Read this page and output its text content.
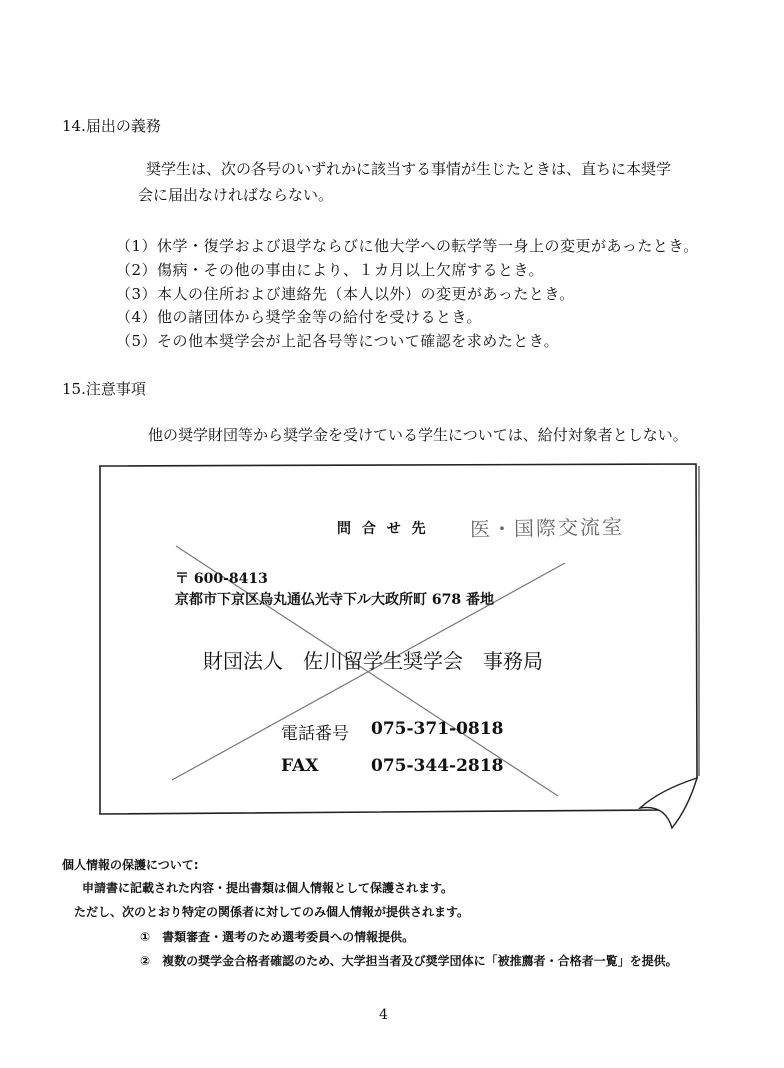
14.届出の義務
奨学生は、次の各号のいずれかに該当する事情が生じたときは、直ちに本奨学
会に届出なければならない。
（1）休学・復学および退学ならびに他大学への転学等一身上の変更があったとき。
（2）傷病・その他の事由により、１カ月以上欠席するとき。
（3）本人の住所および連絡先（本人以外）の変更があったとき。
（4）他の諸団体から奨学金等の給付を受けるとき。
（5）その他本奨学会が上記各号等について確認を求めたとき。
15.注意事項
他の奨学財団等から奨学金を受けている学生については、給付対象者としない。
問 合 せ 先 医・国際交流室
〒 600-8413
京都市下京区烏丸通仏光寺下ル大政所町 678 番地
財団法人　佐川留学生奨学会　事務局
電話番号 075-371-0818
FAX	075-344-2818
個人情報の保護について:
申請書に記載された内容・提出書類は個人情報として保護されます。
ただし、次のとおり特定の関係者に対してのみ個人情報が提供されます。
①　書類審査・選考のため選考委員への情報提供。
②　複数の奨学金合格者確認のため、大学担当者及び奨学団体に「被推薦者・合格者一覧」を提供。
4
